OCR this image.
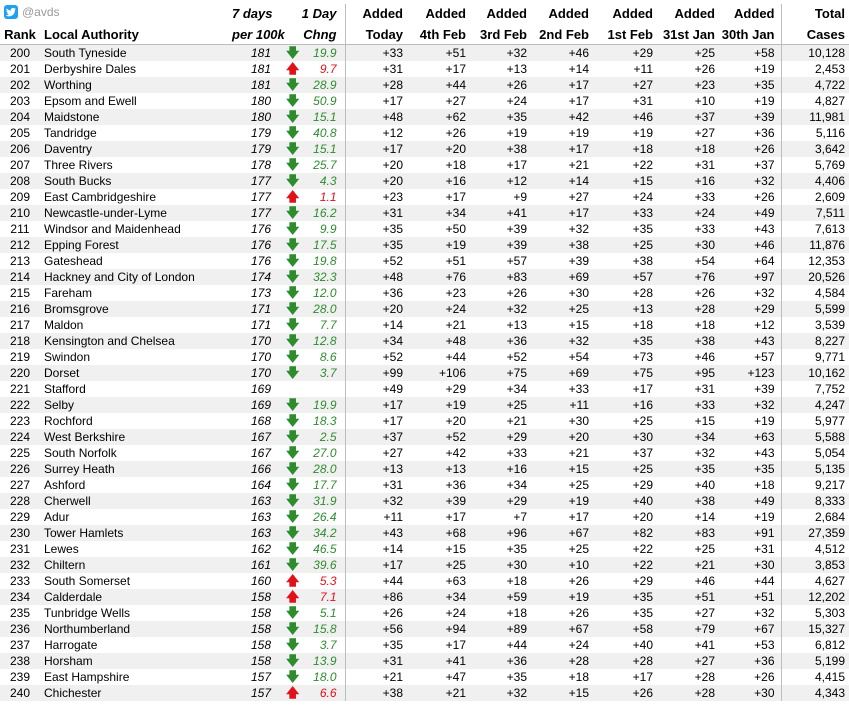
		7 days	1 Day	Added	Added	Added	Added	Added	Added	Added	Total
Rank	Local Authority	per 100k	Chng	Today	4th Feb	3rd Feb	2nd Feb	1st Feb	31st Jan	30th Jan	Cases
200	South Tyneside	181	🡇 19.9	+33	+51	+32	+46	+29	+25	+58	10,128
201	Derbyshire Dales	181	🡅 9.7	+31	+17	+13	+14	+11	+26	+19	2,453
202	Worthing	181	🡇 28.9	+28	+44	+26	+17	+27	+23	+35	4,722
203	Epsom and Ewell	180	🡇 50.9	+17	+27	+24	+17	+31	+10	+19	4,827
204	Maidstone	180	🡇 15.1	+48	+62	+35	+42	+46	+37	+39	11,981
205	Tandridge	179	🡇 40.8	+12	+26	+19	+19	+19	+27	+36	5,116
206	Daventry	179	🡇 15.1	+17	+20	+38	+17	+18	+18	+26	3,642
207	Three Rivers	178	🡇 25.7	+20	+18	+17	+21	+22	+31	+37	5,769
208	South Bucks	177	🡇 4.3	+20	+16	+12	+14	+15	+16	+32	4,406
209	East Cambridgeshire	177	🡅 1.1	+23	+17	+9	+27	+24	+33	+26	2,609
210	Newcastle-under-Lyme	177	🡇 16.2	+31	+34	+41	+17	+33	+24	+49	7,511
211	Windsor and Maidenhead	176	🡇 9.9	+35	+50	+39	+32	+35	+33	+43	7,613
212	Epping Forest	176	🡇 17.5	+35	+19	+39	+38	+25	+30	+46	11,876
213	Gateshead	176	🡇 19.8	+52	+51	+57	+39	+38	+54	+64	12,353
214	Hackney and City of London	174	🡇 32.3	+48	+76	+83	+69	+57	+76	+97	20,526
215	Fareham	173	🡇 12.0	+36	+23	+26	+30	+28	+26	+32	4,584
216	Bromsgrove	171	🡇 28.0	+20	+24	+32	+25	+13	+28	+29	5,599
217	Maldon	171	🡇 7.7	+14	+21	+13	+15	+18	+18	+12	3,539
218	Kensington and Chelsea	170	🡇 12.8	+34	+48	+36	+32	+35	+38	+43	8,227
219	Swindon	170	🡇 8.6	+52	+44	+52	+54	+73	+46	+57	9,771
220	Dorset	170	🡇 3.7	+99	+106	+75	+69	+75	+95	+123	10,162
221	Stafford	169		+49	+29	+34	+33	+17	+31	+39	7,752
222	Selby	169	🡇 19.9	+17	+19	+25	+11	+16	+33	+32	4,247
223	Rochford	168	🡇 18.3	+17	+20	+21	+30	+25	+15	+19	5,977
224	West Berkshire	167	🡇 2.5	+37	+52	+29	+20	+30	+34	+63	5,588
225	South Norfolk	167	🡇 27.0	+27	+42	+33	+21	+37	+32	+43	5,054
226	Surrey Heath	166	🡇 28.0	+13	+13	+16	+15	+25	+35	+35	5,135
227	Ashford	164	🡇 17.7	+31	+36	+34	+25	+29	+40	+18	9,217
228	Cherwell	163	🡇 31.9	+32	+39	+29	+19	+40	+38	+49	8,333
229	Adur	163	🡇 26.4	+11	+17	+7	+17	+20	+14	+19	2,684
230	Tower Hamlets	163	🡇 34.2	+43	+68	+96	+67	+82	+83	+91	27,359
231	Lewes	162	🡇 46.5	+14	+15	+35	+25	+22	+25	+31	4,512
232	Chiltern	161	🡇 39.6	+17	+25	+30	+10	+22	+21	+30	3,853
233	South Somerset	160	🡅 5.3	+44	+63	+18	+26	+29	+46	+44	4,627
234	Calderdale	158	🡅 7.1	+86	+34	+59	+19	+35	+51	+51	12,202
235	Tunbridge Wells	158	🡇 5.1	+26	+24	+18	+26	+35	+27	+32	5,303
236	Northumberland	158	🡇 15.8	+56	+94	+89	+67	+58	+79	+67	15,327
237	Harrogate	158	🡇 3.7	+35	+17	+44	+24	+40	+41	+53	6,812
238	Horsham	158	🡇 13.9	+31	+41	+36	+28	+28	+27	+36	5,199
239	East Hampshire	157	🡇 18.0	+21	+47	+35	+18	+17	+28	+26	4,415
240	Chichester	157	🡅 6.6	+38	+21	+32	+15	+26	+28	+30	4,343
@avds
